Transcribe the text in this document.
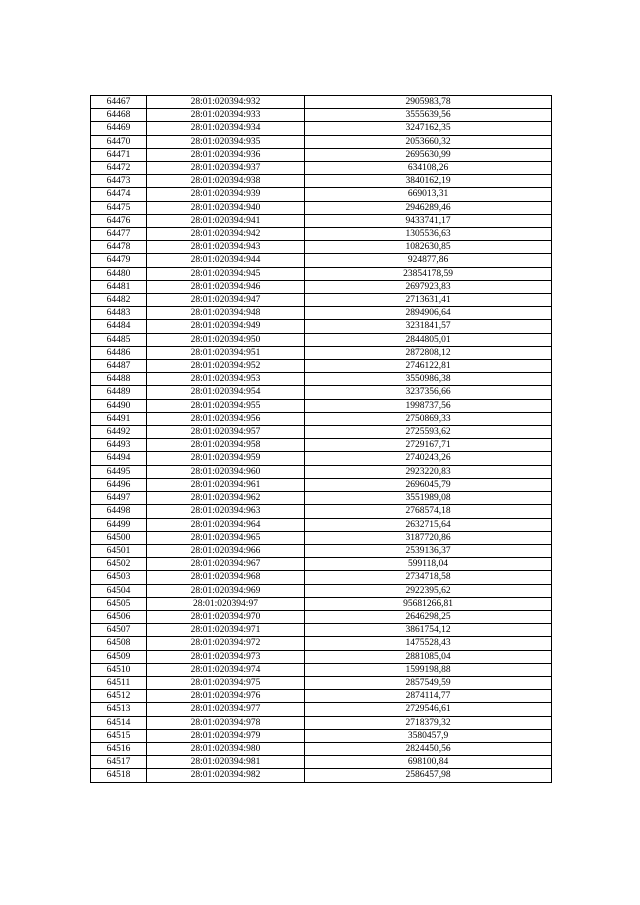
64467	28:01:020394:932	2905983,78
64468	28:01:020394:933	3555639,56
64469	28:01:020394:934	3247162,35
64470	28:01:020394:935	2053660,32
64471	28:01:020394:936	2695630,99
64472	28:01:020394:937	634108,26
64473	28:01:020394:938	3840162,19
64474	28:01:020394:939	669013,31
64475	28:01:020394:940	2946289,46
64476	28:01:020394:941	9433741,17
64477	28:01:020394:942	1305536,63
64478	28:01:020394:943	1082630,85
64479	28:01:020394:944	924877,86
64480	28:01:020394:945	23854178,59
64481	28:01:020394:946	2697923,83
64482	28:01:020394:947	2713631,41
64483	28:01:020394:948	2894906,64
64484	28:01:020394:949	3231841,57
64485	28:01:020394:950	2844805,01
64486	28:01:020394:951	2872808,12
64487	28:01:020394:952	2746122,81
64488	28:01:020394:953	3550986,38
64489	28:01:020394:954	3237356,66
64490	28:01:020394:955	1998737,56
64491	28:01:020394:956	2750869,33
64492	28:01:020394:957	2725593,62
64493	28:01:020394:958	2729167,71
64494	28:01:020394:959	2740243,26
64495	28:01:020394:960	2923220,83
64496	28:01:020394:961	2696045,79
64497	28:01:020394:962	3551989,08
64498	28:01:020394:963	2768574,18
64499	28:01:020394:964	2632715,64
64500	28:01:020394:965	3187720,86
64501	28:01:020394:966	2539136,37
64502	28:01:020394:967	599118,04
64503	28:01:020394:968	2734718,58
64504	28:01:020394:969	2922395,62
64505	28:01:020394:97	95681266,81
64506	28:01:020394:970	2646298,25
64507	28:01:020394:971	3861754,12
64508	28:01:020394:972	1475528,43
64509	28:01:020394:973	2881085,04
64510	28:01:020394:974	1599198,88
64511	28:01:020394:975	2857549,59
64512	28:01:020394:976	2874114,77
64513	28:01:020394:977	2729546,61
64514	28:01:020394:978	2718379,32
64515	28:01:020394:979	3580457,9
64516	28:01:020394:980	2824450,56
64517	28:01:020394:981	698100,84
64518	28:01:020394:982	2586457,98
